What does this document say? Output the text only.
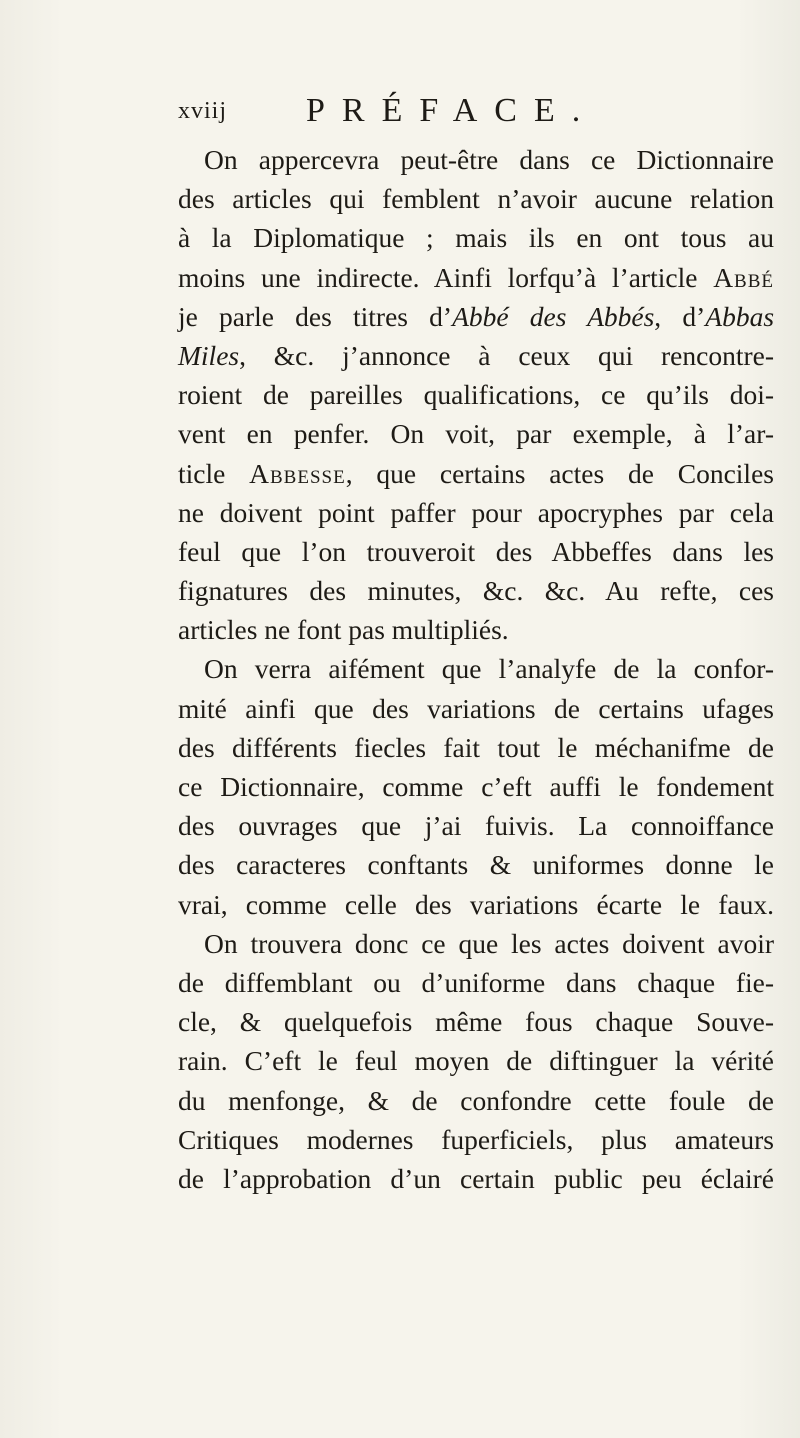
xviij PRÉFACE.
On appercevra peut-être dans ce Dictionnaire
des articles qui femblent n’avoir aucune relation
à la Diplomatique ; mais ils en ont tous au
moins une indirecte. Ainfi lorfqu’à l’article Abbé
je parle des titres d’Abbé des Abbés, d’Abbas
Miles, &c. j’annonce à ceux qui rencontre-
roient de pareilles qualifications, ce qu’ils doi-
vent en penfer. On voit, par exemple, à l’ar-
ticle Abbesse, que certains actes de Conciles
ne doivent point paffer pour apocryphes par cela
feul que l’on trouveroit des Abbeffes dans les
fignatures des minutes, &c. &c. Au refte, ces
articles ne font pas multipliés.
On verra aifément que l’analyfe de la confor-
mité ainfi que des variations de certains ufages
des différents fiecles fait tout le méchanifme de
ce Dictionnaire, comme c’eft auffi le fondement
des ouvrages que j’ai fuivis. La connoiffance
des caracteres conftants & uniformes donne le
vrai, comme celle des variations écarte le faux.
On trouvera donc ce que les actes doivent avoir
de diffemblant ou d’uniforme dans chaque fie-
cle, & quelquefois même fous chaque Souve-
rain. C’eft le feul moyen de diftinguer la vérité
du menfonge, & de confondre cette foule de
Critiques modernes fuperficiels, plus amateurs
de l’approbation d’un certain public peu éclairé
